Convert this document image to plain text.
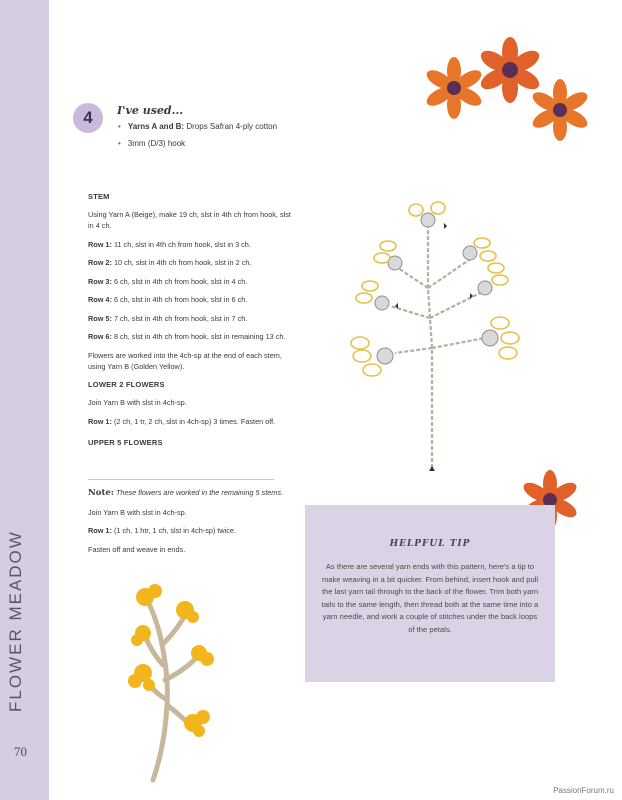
70
4	I've used...
• Yarns A and B: Drops Safran 4-ply cotton
• 3mm (D/3) hook
STEM

Using Yarn A (Beige), make 19 ch, slst in 4th ch from hook, slst in 4 ch.

Row 1: 11 ch, slst in 4th ch from hook, slst in 3 ch.

Row 2: 10 ch, slst in 4th ch from hook, slst in 2 ch.

Row 3: 6 ch, slst in 4th ch from hook, slst in 4 ch.

Row 4: 6 ch, slst in 4th ch from hook, slst in 6 ch.

Row 5: 7 ch, slst in 4th ch from hook, slst in 7 ch.

Row 6: 8 ch, slst in 4th ch from hook, slst in remaining 13 ch.

Flowers are worked into the 4ch-sp at the end of each stem, using Yarn B (Golden Yellow).

LOWER 2 FLOWERS

Join Yarn B with slst in 4ch-sp.

Row 1: (2 ch, 1 tr, 2 ch, slst in 4ch-sp) 3 times. Fasten off.

UPPER 5 FLOWERS

Note: These flowers are worked in the remaining 5 stems.

Join Yarn B with slst in 4ch-sp.

Row 1: (1 ch, 1 htr, 1 ch, slst in 4ch-sp) twice.

Fasten off and weave in ends.	HELPFUL TIP
As there are several yarn ends with this pattern, here's a tip to make weaving in a bit quicker. From behind, insert hook and pull the last yarn tail through to the back of the flower. Trim both yarn tails to the same length, then thread both at the same time into a yarn needle, and work a couple of stitches under the back loops of the petals.
PassionForum.ru
